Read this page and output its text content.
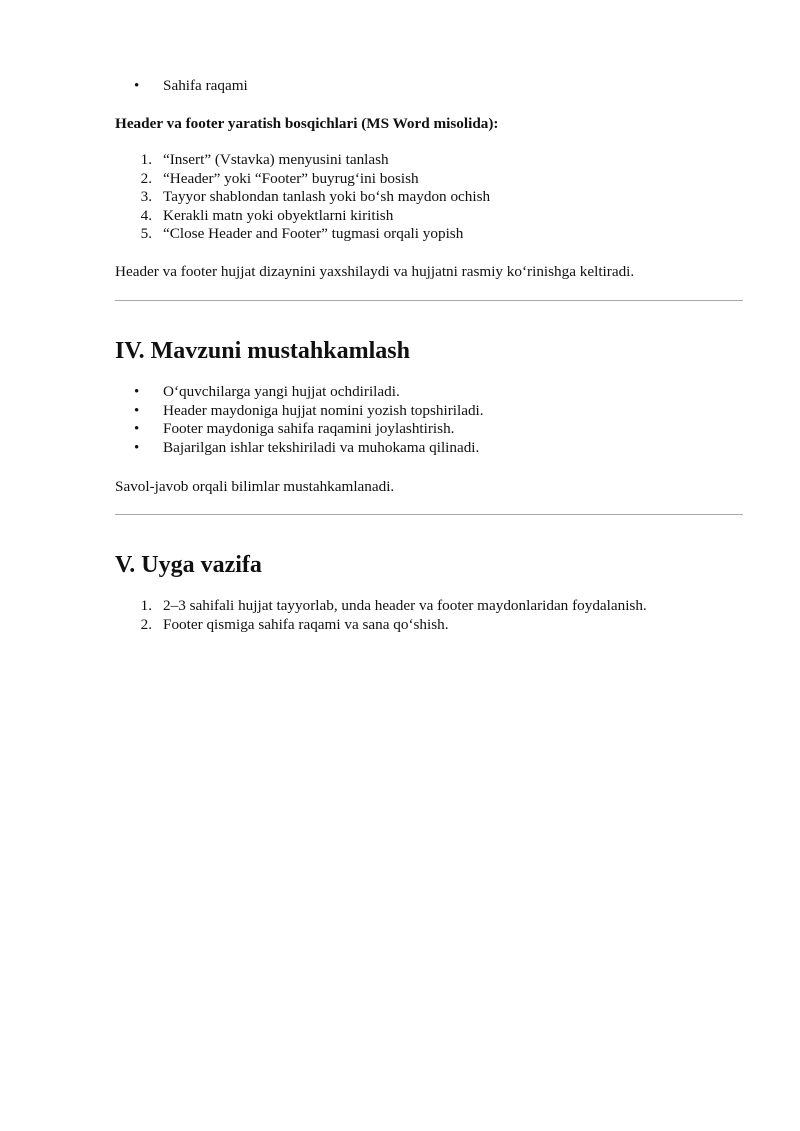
• Sahifa raqami

Header va footer yaratish bosqichlari (MS Word misolida):

1. “Insert” (Vstavka) menyusini tanlash
2. “Header” yoki “Footer” buyrug‘ini bosish
3. Tayyor shablondan tanlash yoki bo‘sh maydon ochish
4. Kerakli matn yoki obyektlarni kiritish
5. “Close Header and Footer” tugmasi orqali yopish

Header va footer hujjat dizaynini yaxshilaydi va hujjatni rasmiy ko‘rinishga keltiradi.

IV. Mavzuni mustahkamlash
• O‘quvchilarga yangi hujjat ochdiriladi.
• Header maydoniga hujjat nomini yozish topshiriladi.
• Footer maydoniga sahifa raqamini joylashtirish.
• Bajarilgan ishlar tekshiriladi va muhokama qilinadi.

Savol-javob orqali bilimlar mustahkamlanadi.

V. Uyga vazifa
1. 2–3 sahifali hujjat tayyorlab, unda header va footer maydonlaridan foydalanish.
2. Footer qismiga sahifa raqami va sana qo‘shish.
